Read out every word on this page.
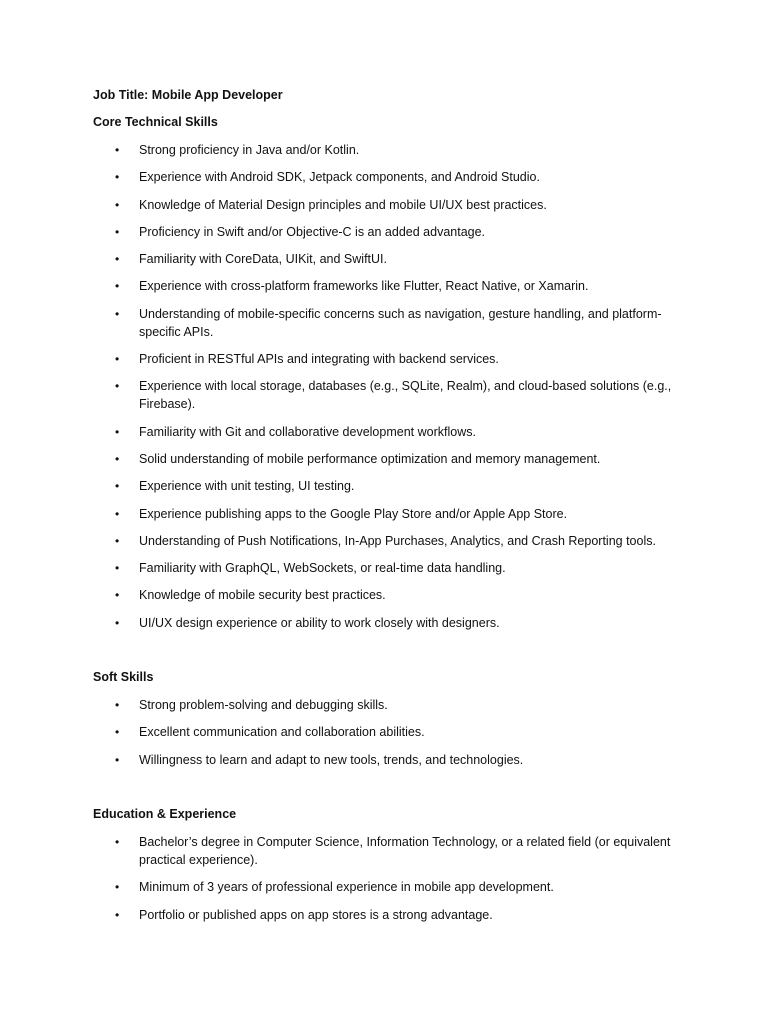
Job Title: Mobile App Developer
Core Technical Skills
• Strong proficiency in Java and/or Kotlin.
• Experience with Android SDK, Jetpack components, and Android Studio.
• Knowledge of Material Design principles and mobile UI/UX best practices.
• Proficiency in Swift and/or Objective-C is an added advantage.
• Familiarity with CoreData, UIKit, and SwiftUI.
• Experience with cross-platform frameworks like Flutter, React Native, or Xamarin.
• Understanding of mobile-specific concerns such as navigation, gesture handling, and platform-specific APIs.
• Proficient in RESTful APIs and integrating with backend services.
• Experience with local storage, databases (e.g., SQLite, Realm), and cloud-based solutions (e.g., Firebase).
• Familiarity with Git and collaborative development workflows.
• Solid understanding of mobile performance optimization and memory management.
• Experience with unit testing, UI testing.
• Experience publishing apps to the Google Play Store and/or Apple App Store.
• Understanding of Push Notifications, In-App Purchases, Analytics, and Crash Reporting tools.
• Familiarity with GraphQL, WebSockets, or real-time data handling.
• Knowledge of mobile security best practices.
• UI/UX design experience or ability to work closely with designers.
Soft Skills
• Strong problem-solving and debugging skills.
• Excellent communication and collaboration abilities.
• Willingness to learn and adapt to new tools, trends, and technologies.
Education & Experience
• Bachelor’s degree in Computer Science, Information Technology, or a related field (or equivalent practical experience).
• Minimum of 3 years of professional experience in mobile app development.
• Portfolio or published apps on app stores is a strong advantage.
